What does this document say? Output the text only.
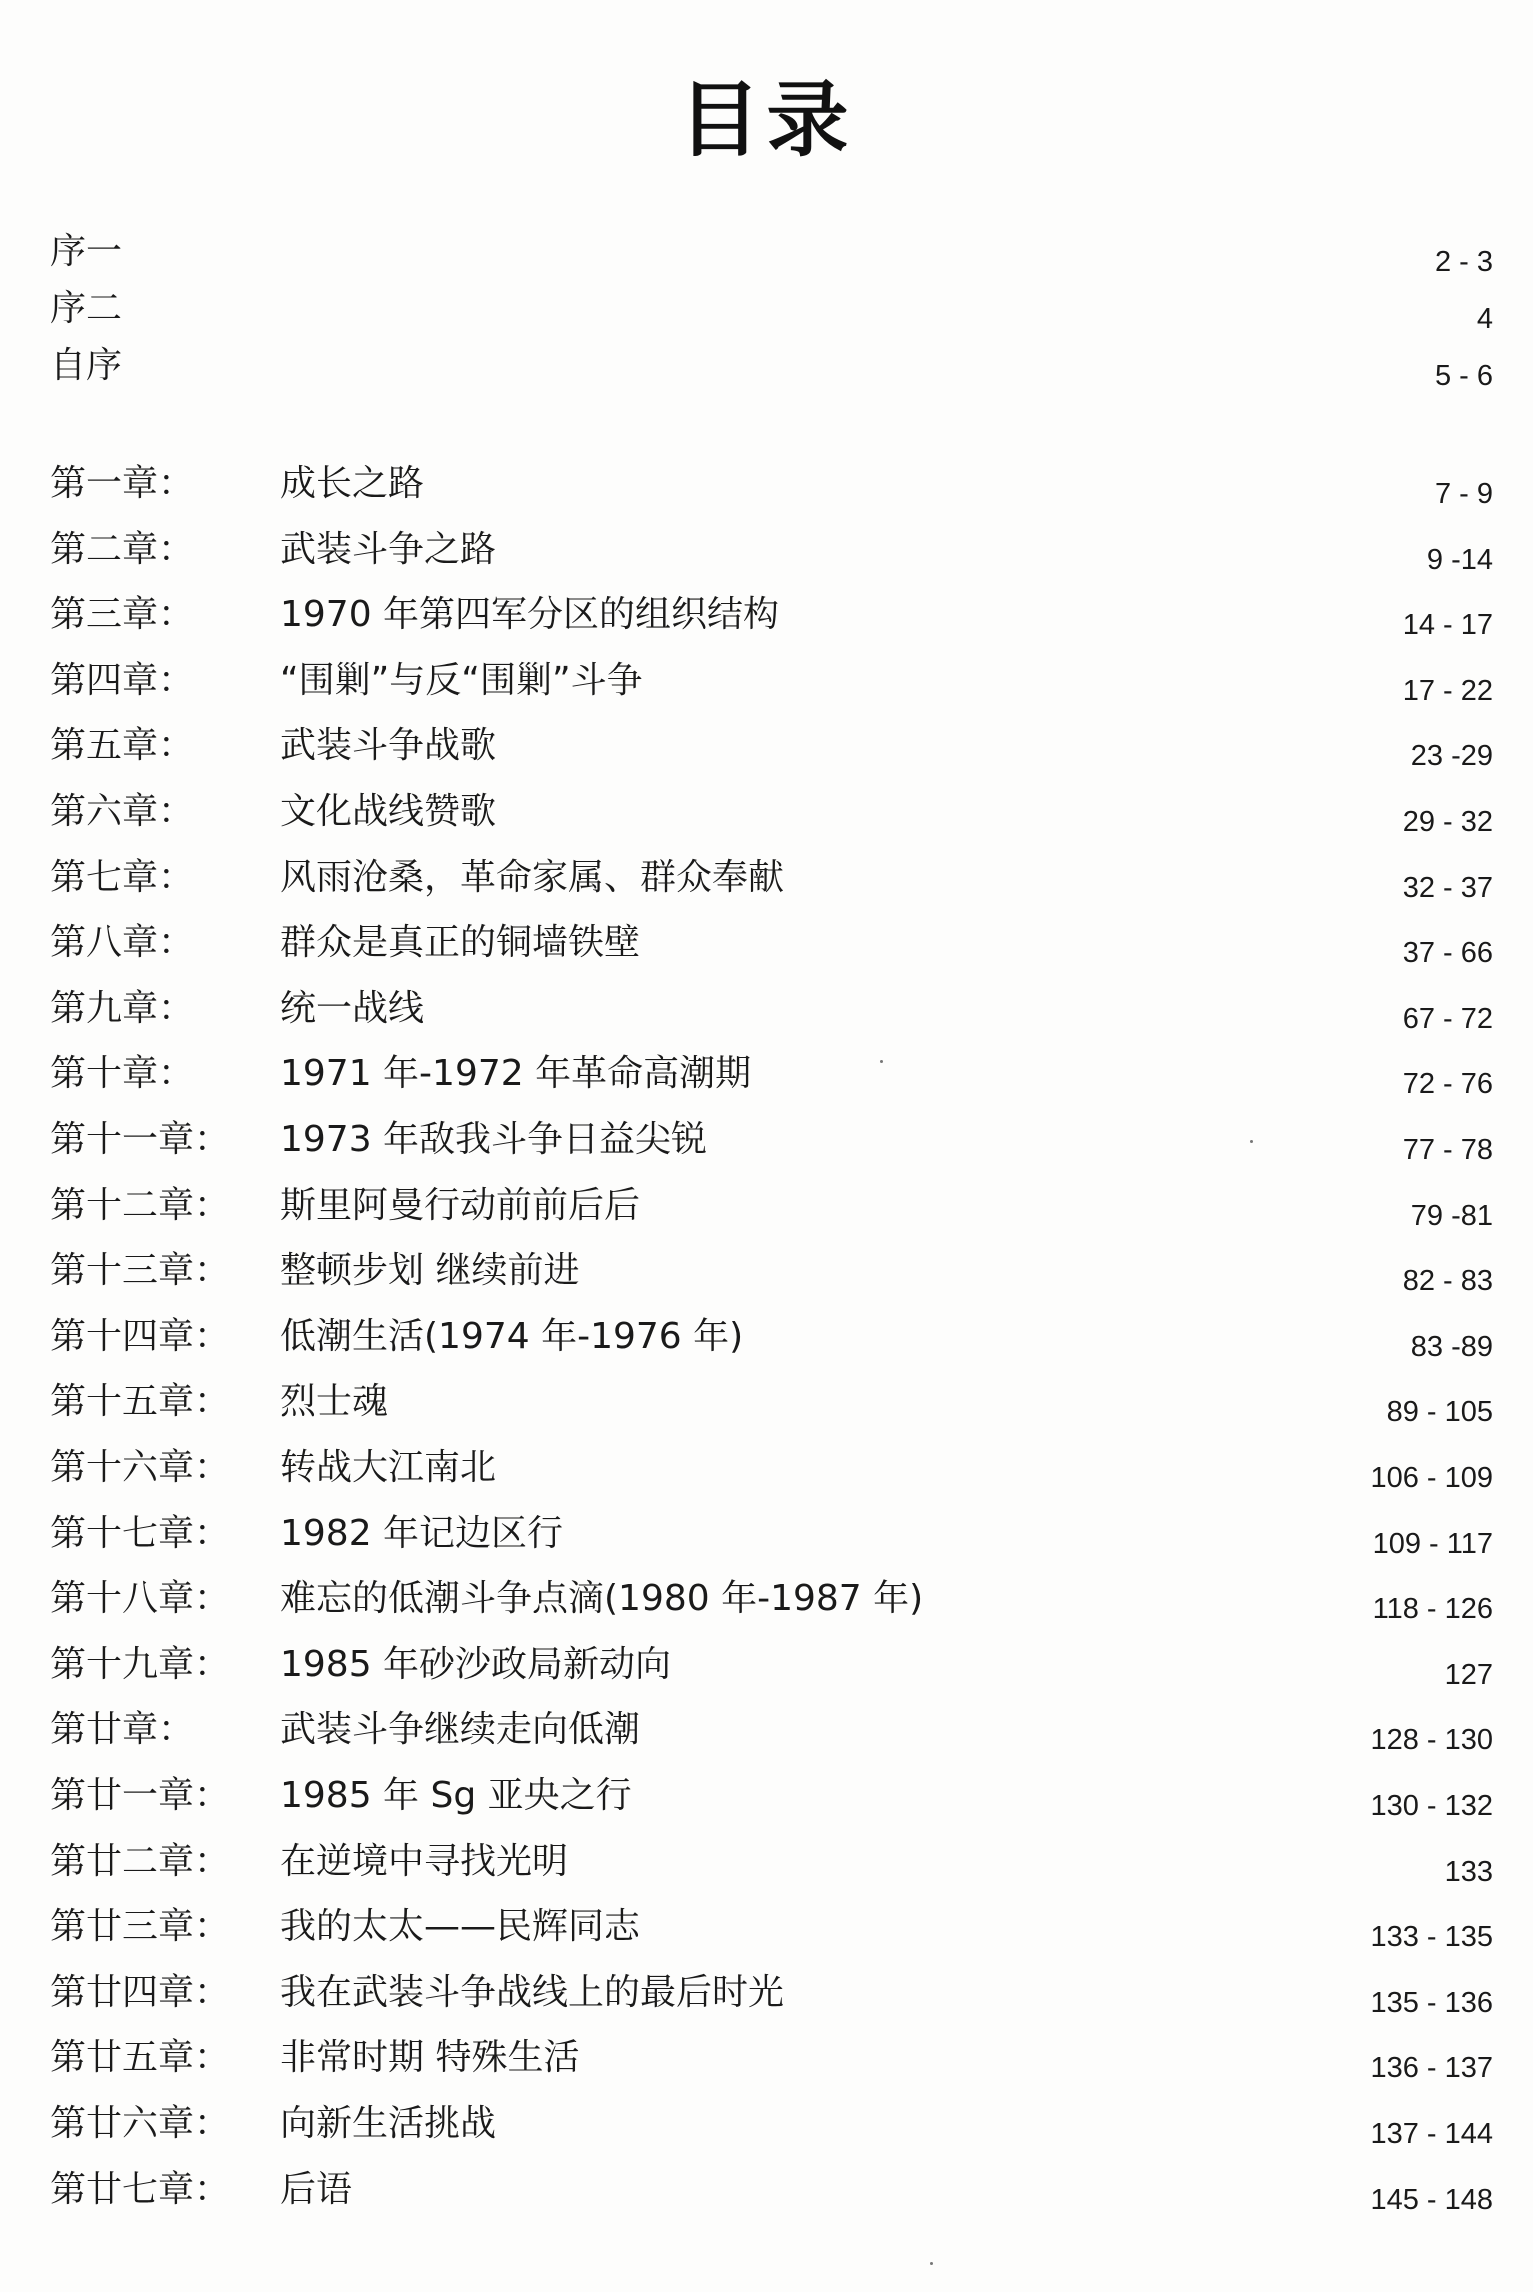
目录
序一	2 - 3
序二	4
自序	5 - 6
第一章： 成长之路	7 - 9
第二章： 武装斗争之路	9 -14
第三章： 1970 年第四军分区的组织结构	14 - 17
第四章： “围剿”与反“围剿”斗争	17 - 22
第五章： 武装斗争战歌	23 -29
第六章： 文化战线赞歌	29 - 32
第七章： 风雨沧桑，革命家属、群众奉献	32 - 37
第八章： 群众是真正的铜墙铁壁	37 - 66
第九章： 统一战线	67 - 72
第十章： 1971 年-1972 年革命高潮期	72 - 76
第十一章： 1973 年敌我斗争日益尖锐	77 - 78
第十二章： 斯里阿曼行动前前后后	79 -81
第十三章： 整顿步划 继续前进	82 - 83
第十四章： 低潮生活(1974 年-1976 年)	83 -89
第十五章： 烈士魂	89 - 105
第十六章： 转战大江南北	106 - 109
第十七章： 1982 年记边区行	109 - 117
第十八章： 难忘的低潮斗争点滴(1980 年-1987 年)	118 - 126
第十九章： 1985 年砂沙政局新动向	127
第廿章： 武装斗争继续走向低潮	128 - 130
第廿一章： 1985 年 Sg 亚央之行	130 - 132
第廿二章： 在逆境中寻找光明	133
第廿三章： 我的太太——民辉同志	133 - 135
第廿四章： 我在武装斗争战线上的最后时光	135 - 136
第廿五章： 非常时期 特殊生活	136 - 137
第廿六章： 向新生活挑战	137 - 144
第廿七章： 后语	145 - 148
